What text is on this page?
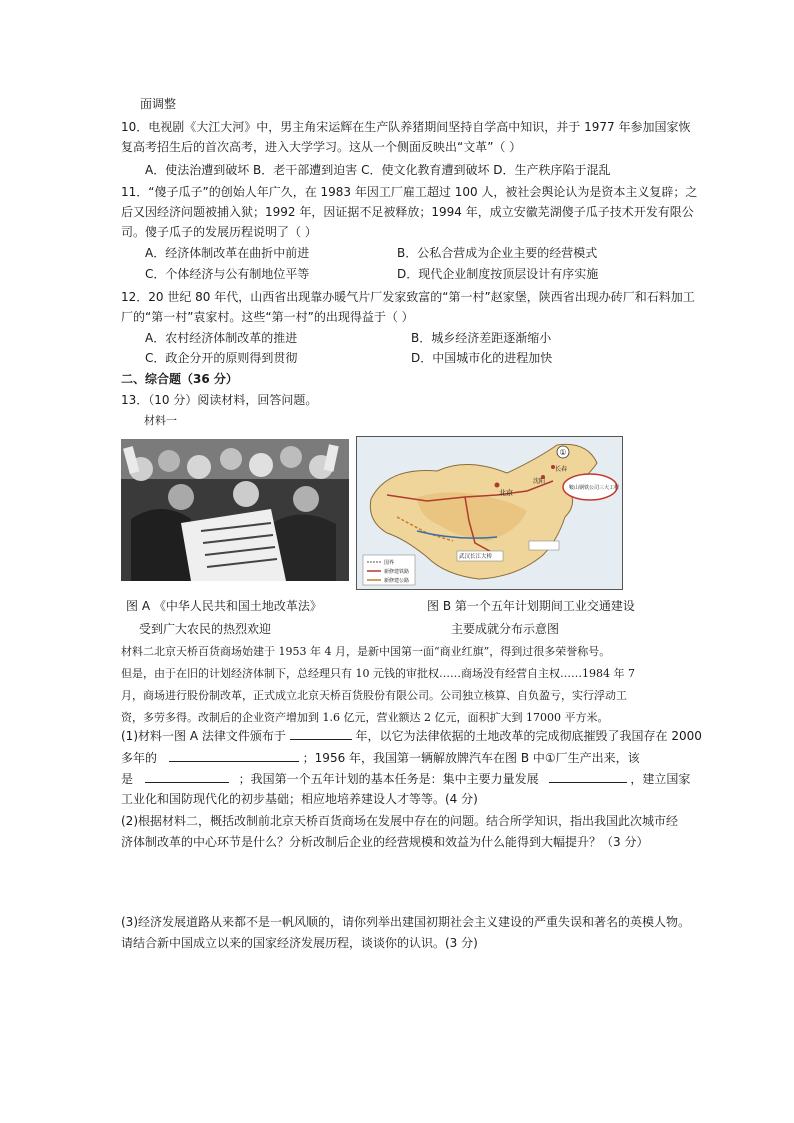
面调整
10．电视剧《大江大河》中，男主角宋运辉在生产队养猪期间坚持自学高中知识，并于 1977 年参加国家恢
复高考招生后的首次高考，进入大学学习。这从一个侧面反映出“文革”（ ）
A．使法治遭到破坏 B．老干部遭到迫害 C．使文化教育遭到破坏 D．生产秩序陷于混乱
11．“傻子瓜子”的创始人年广久，在 1983 年因工厂雇工超过 100 人，被社会舆论认为是资本主义复辟；之
后又因经济问题被捕入狱；1992 年，因证据不足被释放；1994 年，成立安徽芜湖傻子瓜子技术开发有限公
司。傻子瓜子的发展历程说明了（ ）
A．经济体制改革在曲折中前进	B．公私合营成为企业主要的经营模式
C．个体经济与公有制地位平等	D．现代企业制度按顶层设计有序实施
12．20 世纪 80 年代，山西省出现靠办暖气片厂发家致富的“第一村”赵家堡，陕西省出现办砖厂和石料加工
厂的“第一村”袁家村。这些“第一村”的出现得益于（ ）
A．农村经济体制改革的推进	B．城乡经济差距逐渐缩小
C．政企分开的原则得到贯彻	D．中国城市化的进程加快
二、综合题（36 分）
13．（10 分）阅读材料，回答问题。
材料一
①
北京
长春
沈阳
鞍山钢铁公司三大工程
国界
新修建铁路
新修建公路
武汉长江大桥
图 A 《中华人民共和国土地改革法》
受到广大农民的热烈欢迎
图 B 第一个五年计划期间工业交通建设
主要成就分布示意图
材料二北京天桥百货商场始建于 1953 年 4 月，是新中国第一面“商业红旗”，得到过很多荣誉称号。
但是，由于在旧的计划经济体制下，总经理只有 10 元钱的审批权……商场没有经营自主权……1984 年 7
月，商场进行股份制改革，正式成立北京天桥百货股份有限公司。公司独立核算、自负盈亏，实行浮动工
资，多劳多得。改制后的企业资产增加到 1.6 亿元，营业额达 2 亿元，面积扩大到 17000 平方米。
(1)材料一图 A 法律文件颁布于	年，以它为法律依据的土地改革的完成彻底摧毁了我国存在 2000
多年的	；1956 年，我国第一辆解放牌汽车在图 B 中①厂生产出来，该
是	；我国第一个五年计划的基本任务是：集中主要力量发展	，建立国家
工业化和国防现代化的初步基础；相应地培养建设人才等等。(4 分)
(2)根据材料二，概括改制前北京天桥百货商场在发展中存在的问题。结合所学知识，指出我国此次城市经
济体制改革的中心环节是什么？分析改制后企业的经营规模和效益为什么能得到大幅提升？（3 分）
(3)经济发展道路从来都不是一帆风顺的，请你列举出建国初期社会主义建设的严重失误和著名的英模人物。
请结合新中国成立以来的国家经济发展历程，谈谈你的认识。(3 分)
